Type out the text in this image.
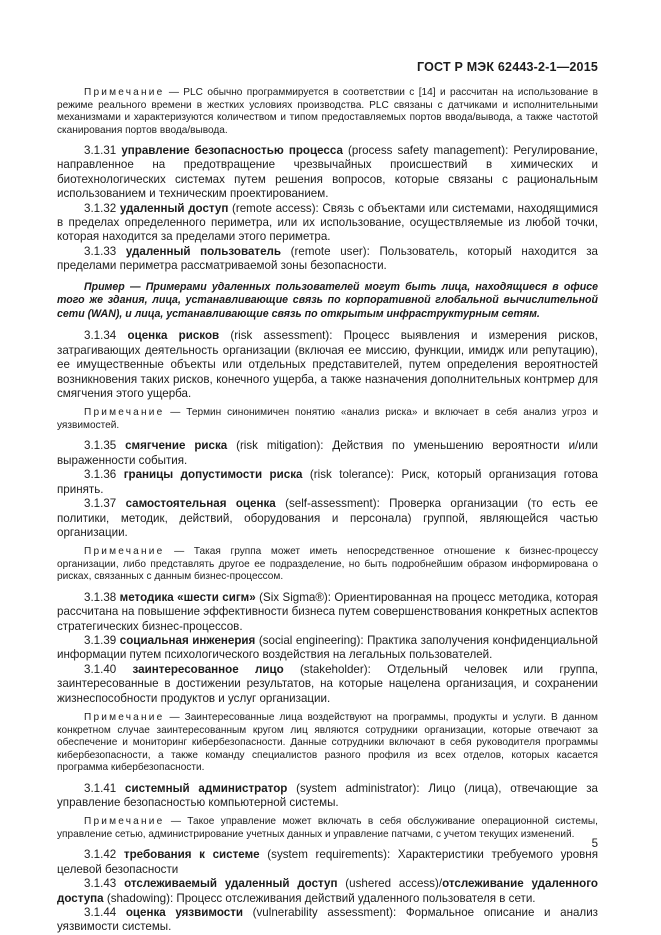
ГОСТ Р МЭК 62443-2-1—2015

Примечание — PLC обычно программируется в соответствии с [14] и рассчитан на использование в режиме реального времени в жестких условиях производства. PLC связаны с датчиками и исполнительными механизмами и характеризуются количеством и типом предоставляемых портов ввода/вывода, а также частотой сканирования портов ввода/вывода.

3.1.31 управление безопасностью процесса (process safety management): Регулирование, направленное на предотвращение чрезвычайных происшествий в химических и биотехнологических системах путем решения вопросов, которые связаны с рациональным использованием и техническим проектированием.

3.1.32 удаленный доступ (remote access): Связь с объектами или системами, находящимися в пределах определенного периметра, или их использование, осуществляемые из любой точки, которая находится за пределами этого периметра.

3.1.33 удаленный пользователь (remote user): Пользователь, который находится за пределами периметра рассматриваемой зоны безопасности.

Пример — Примерами удаленных пользователей могут быть лица, находящиеся в офисе того же здания, лица, устанавливающие связь по корпоративной глобальной вычислительной сети (WAN), и лица, устанавливающие связь по открытым инфраструктурным сетям.

3.1.34 оценка рисков (risk assessment): Процесс выявления и измерения рисков, затрагивающих деятельность организации (включая ее миссию, функции, имидж или репутацию), ее имущественные объекты или отдельных представителей, путем определения вероятностей возникновения таких рисков, конечного ущерба, а также назначения дополнительных контрмер для смягчения этого ущерба.

Примечание — Термин синонимичен понятию «анализ риска» и включает в себя анализ угроз и уязвимостей.

3.1.35 смягчение риска (risk mitigation): Действия по уменьшению вероятности и/или выраженности события.

3.1.36 границы допустимости риска (risk tolerance): Риск, который организация готова принять.

3.1.37 самостоятельная оценка (self-assessment): Проверка организации (то есть ее политики, методик, действий, оборудования и персонала) группой, являющейся частью организации.

Примечание — Такая группа может иметь непосредственное отношение к бизнес-процессу организации, либо представлять другое ее подразделение, но быть подробнейшим образом информирована о рисках, связанных с данным бизнес-процессом.

3.1.38 методика «шести сигм» (Six Sigma®): Ориентированная на процесс методика, которая рассчитана на повышение эффективности бизнеса путем совершенствования конкретных аспектов стратегических бизнес-процессов.

3.1.39 социальная инженерия (social engineering): Практика заполучения конфиденциальной информации путем психологического воздействия на легальных пользователей.

3.1.40 заинтересованное лицо (stakeholder): Отдельный человек или группа, заинтересованные в достижении результатов, на которые нацелена организация, и сохранении жизнеспособности продуктов и услуг организации.

Примечание — Заинтересованные лица воздействуют на программы, продукты и услуги. В данном конкретном случае заинтересованным кругом лиц являются сотрудники организации, которые отвечают за обеспечение и мониторинг кибербезопасности. Данные сотрудники включают в себя руководителя программы кибербезопасности, а также команду специалистов разного профиля из всех отделов, которых касается программа кибербезопасности.

3.1.41 системный администратор (system administrator): Лицо (лица), отвечающие за управление безопасностью компьютерной системы.

Примечание — Такое управление может включать в себя обслуживание операционной системы, управление сетью, администрирование учетных данных и управление патчами, с учетом текущих изменений.

3.1.42 требования к системе (system requirements): Характеристики требуемого уровня целевой безопасности

3.1.43 отслеживаемый удаленный доступ (ushered access)/отслеживание удаленного доступа (shadowing): Процесс отслеживания действий удаленного пользователя в сети.

3.1.44 оценка уязвимости (vulnerability assessment): Формальное описание и анализ уязвимости системы.

5
